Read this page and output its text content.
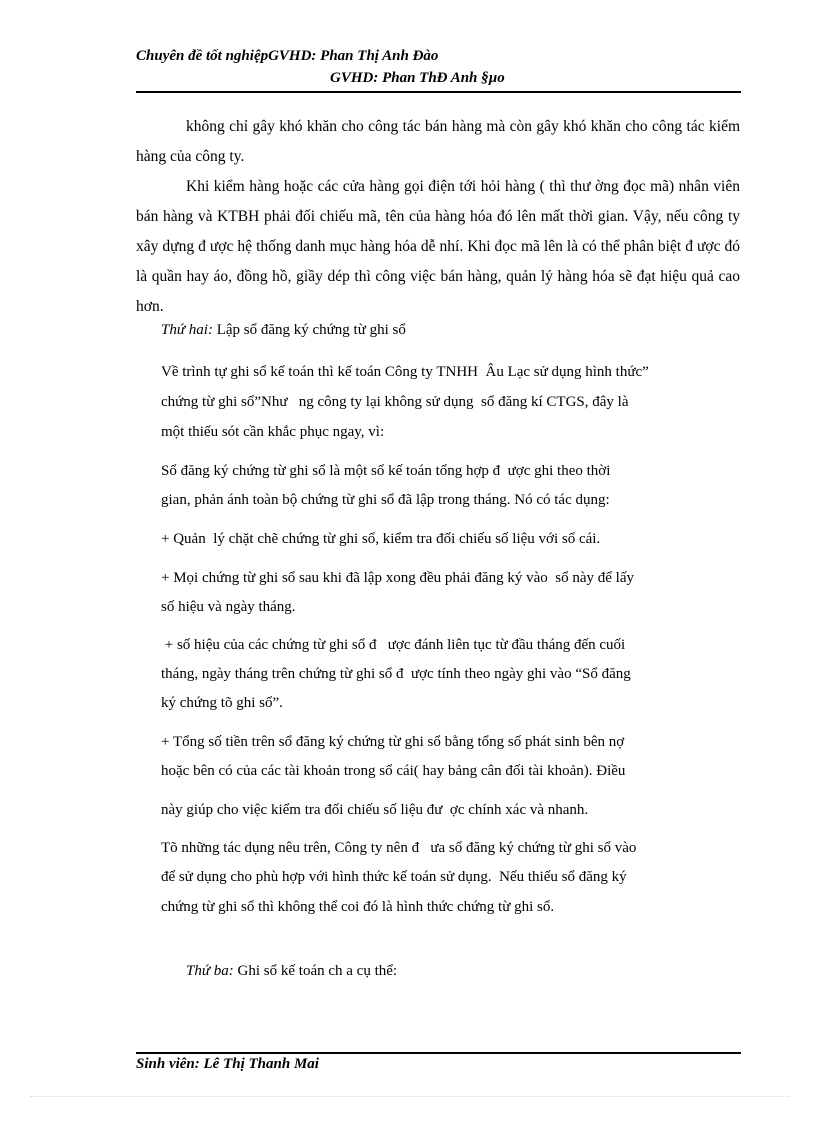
Chuyên đề tốt nghiệpGVHD: Phan Thị Anh Đào
GVHD: Phan ThĐ Anh §µo

không chỉ gây khó khăn cho công tác bán hàng mà còn gây khó khăn cho công tác kiểm hàng của công ty.

Khi kiểm hàng hoặc các cửa hàng gọi điện tới hỏi hàng ( thì thư ờng đọc mã) nhân viên bán hàng và KTBH phải đối chiếu mã, tên của hàng hóa đó lên mất thời gian. Vậy, nếu công ty xây dựng đ ược hệ thống danh mục hàng hóa dễ nhí. Khi đọc mã lên là có thể phân biệt đ ược đó là quần hay áo, đồng hồ, giầy dép thì công việc bán hàng, quản lý hàng hóa sẽ đạt hiệu quả cao hơn.

Thứ hai: Lập sổ đăng ký chứng từ ghi sổ
Về trình tự ghi sổ kế toán thì kế toán Công ty TNHH  Âu Lạc sử dụng hình thức”
chứng từ ghi sổ”Như   ng công ty lại không sử dụng  sổ đăng kí CTGS, đây là
một thiếu sót cần khắc phục ngay, vì:
Sổ đăng ký chứng từ ghi sổ là một sổ kế toán tổng hợp đ  ược ghi theo thời
gian, phản ánh toàn bộ chứng từ ghi sổ đã lập trong tháng. Nó có tác dụng:
+ Quản  lý chặt chẽ chứng từ ghi sổ, kiểm tra đối chiếu số liệu với sổ cái.
+ Mọi chứng từ ghi sổ sau khi đã lập xong đều phải đăng ký vào  sổ này để lấy
số hiệu và ngày tháng.
+ số hiệu của các chứng từ ghi sổ đ   ược đánh liên tục từ đầu tháng đến cuối
tháng, ngày tháng trên chứng từ ghi sổ đ  ược tính theo ngày ghi vào “Sổ đăng
ký chứng tõ ghi sổ”.
+ Tổng số tiền trên sổ đăng ký chứng từ ghi sổ bằng tổng số phát sinh bên nợ
hoặc bên có của các tài khoản trong sổ cái( hay bảng cân đối tài khoản). Điều
này giúp cho việc kiểm tra đối chiếu số liệu đư  ợc chính xác và nhanh.
Tõ những tác dụng nêu trên, Công ty nên đ   ưa sổ đăng ký chứng từ ghi sổ vào
để sử dụng cho phù hợp với hình thức kế toán sử dụng.  Nếu thiếu sổ đăng ký
chứng từ ghi sổ thì không thể coi đó là hình thức chứng từ ghi sổ.
Thứ ba: Ghi sổ kế toán ch a cụ thể:
Sinh viên: Lê Thị Thanh Mai
